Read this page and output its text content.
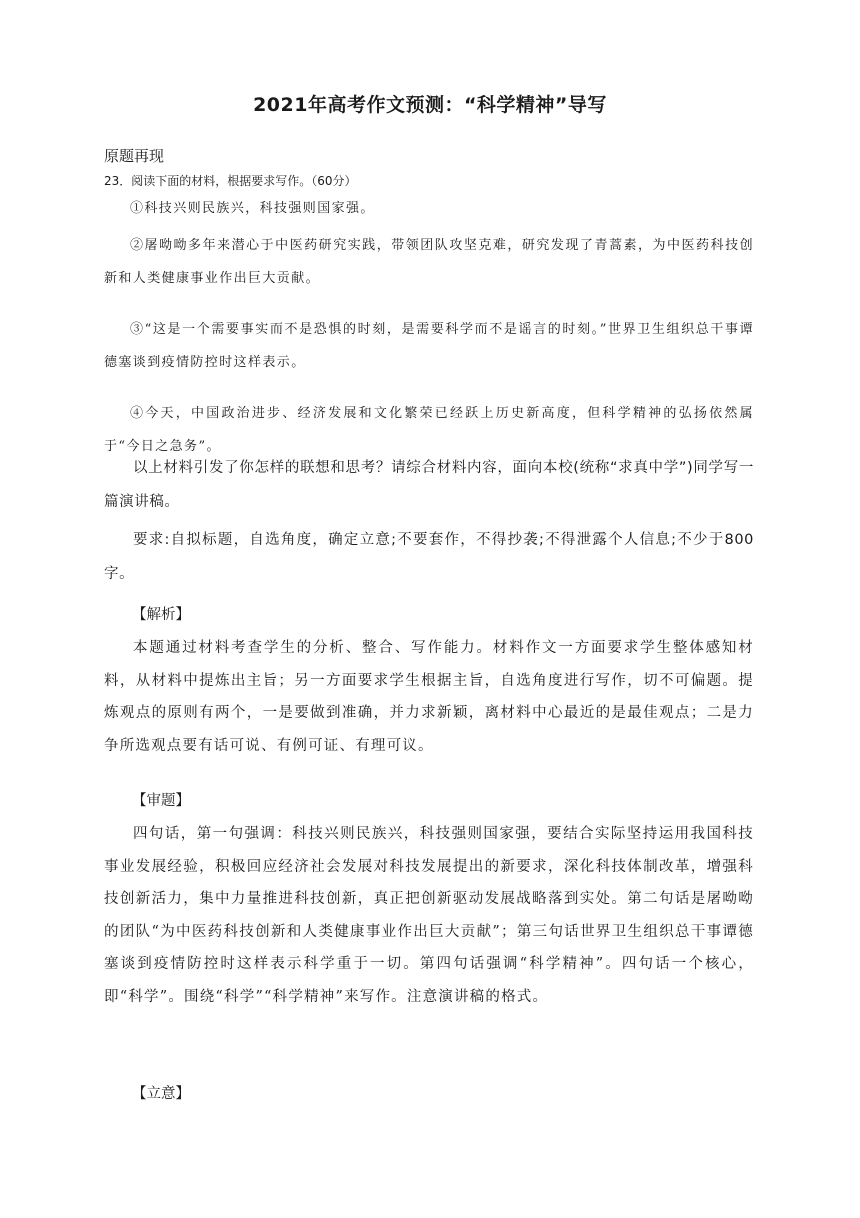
2021年高考作文预测：“科学精神”导写
原题再现
23．阅读下面的材料，根据要求写作。（60分）

①科技兴则民族兴，科技强则国家强。

②屠呦呦多年来潜心于中医药研究实践，带领团队攻坚克难，研究发现了青蒿素，为中医药科技创新和人类健康事业作出巨大贡献。

③“这是一个需要事实而不是恐惧的时刻，是需要科学而不是谣言的时刻。”世界卫生组织总干事谭德塞谈到疫情防控时这样表示。

④今天，中国政治进步、经济发展和文化繁荣已经跃上历史新高度，但科学精神的弘扬依然属于“今日之急务”。

以上材料引发了你怎样的联想和思考？请综合材料内容，面向本校(统称“求真中学”)同学写一篇演讲稿。

要求:自拟标题，自选角度，确定立意;不要套作，不得抄袭;不得泄露个人信息;不少于800字。

【解析】

本题通过材料考查学生的分析、整合、写作能力。材料作文一方面要求学生整体感知材料，从材料中提炼出主旨；另一方面要求学生根据主旨，自选角度进行写作，切不可偏题。提炼观点的原则有两个，一是要做到准确，并力求新颖，离材料中心最近的是最佳观点；二是力争所选观点要有话可说、有例可证、有理可议。

【审题】

四句话，第一句强调：科技兴则民族兴，科技强则国家强，要结合实际坚持运用我国科技事业发展经验，积极回应经济社会发展对科技发展提出的新要求，深化科技体制改革，增强科技创新活力，集中力量推进科技创新，真正把创新驱动发展战略落到实处。第二句话是屠呦呦的团队“为中医药科技创新和人类健康事业作出巨大贡献”；第三句话世界卫生组织总干事谭德塞谈到疫情防控时这样表示科学重于一切。第四句话强调“科学精神”。四句话一个核心，即“科学”。围绕“科学”“科学精神”来写作。注意演讲稿的格式。

【立意】
